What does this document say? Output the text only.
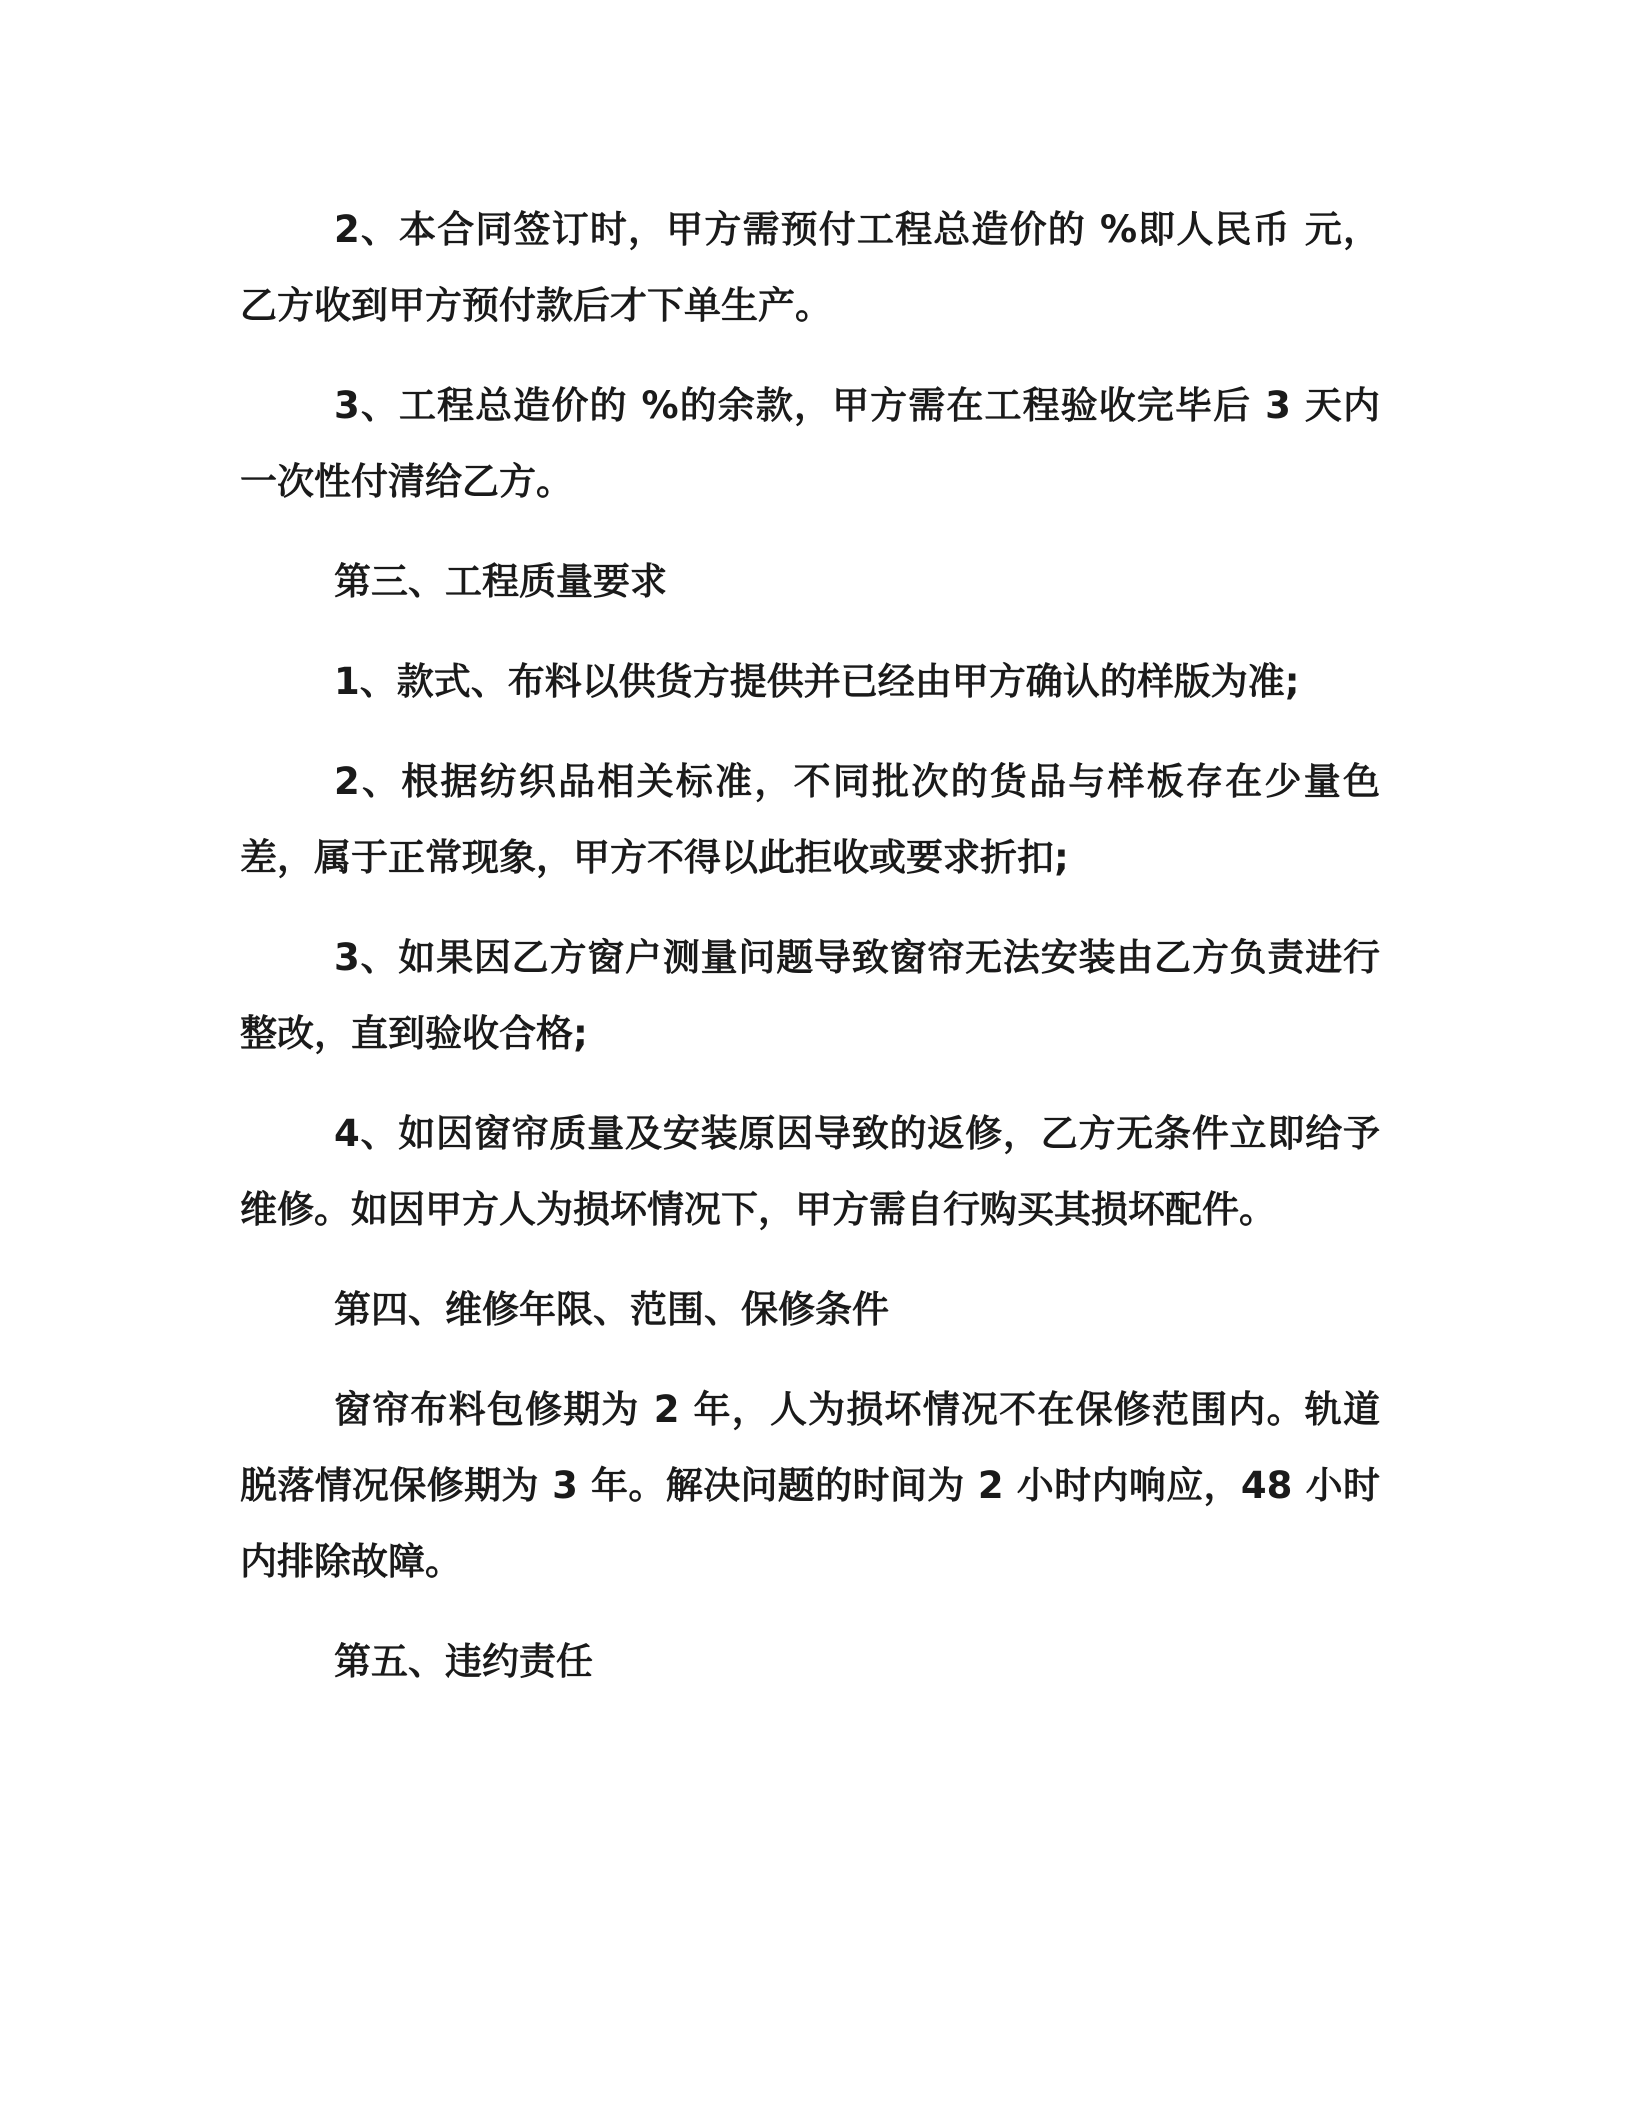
2、本合同签订时，甲方需预付工程总造价的 %即人民币 元，乙方收到甲方预付款后才下单生产。

3、工程总造价的 %的余款，甲方需在工程验收完毕后 3 天内一次性付清给乙方。

第三、工程质量要求

1、款式、布料以供货方提供并已经由甲方确认的样版为准;

2、根据纺织品相关标准，不同批次的货品与样板存在少量色差，属于正常现象，甲方不得以此拒收或要求折扣;

3、如果因乙方窗户测量问题导致窗帘无法安装由乙方负责进行整改，直到验收合格;

4、如因窗帘质量及安装原因导致的返修，乙方无条件立即给予维修。如因甲方人为损坏情况下，甲方需自行购买其损坏配件。

第四、维修年限、范围、保修条件

窗帘布料包修期为 2 年，人为损坏情况不在保修范围内。轨道脱落情况保修期为 3 年。解决问题的时间为 2 小时内响应，48 小时内排除故障。

第五、违约责任
